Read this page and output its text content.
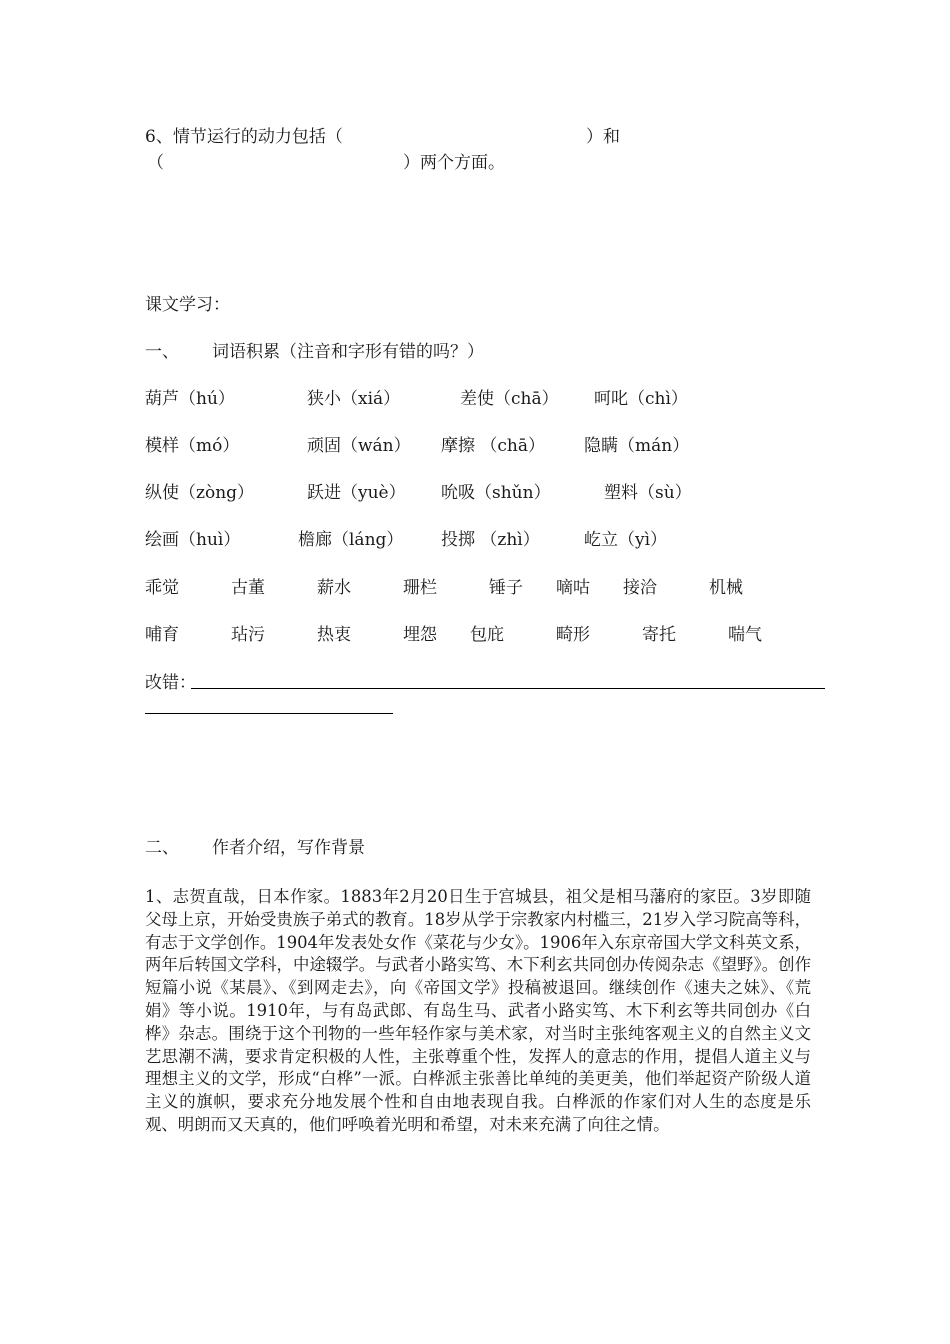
6、情节运行的动力包括（	）和
（	）两个方面。
课文学习：
一、 词语积累（注音和字形有错的吗？）
葫芦（hú）	狭小（xiá）	差使（chā） 呵叱（chì）
模样（mó）	顽固（wán） 摩擦 （chā） 隐瞒（mán）
纵使（zòng）	跃进（yuè） 吮吸（shǔn）	塑料（sù）
绘画（huì）	檐廊（láng） 投掷 （zhì）	屹立（yì）
乖觉	古董	薪水	珊栏	锤子 嘀咕 接洽	机械
哺育	玷污	热衷	埋怨 包庇	畸形	寄托	喘气
改错：
二、 作者介绍，写作背景
1、志贺直哉，日本作家。1883年2月20日生于宫城县，祖父是相马藩府的家臣。3岁即随父母上京，开始受贵族子弟式的教育。18岁从学于宗教家内村槛三，21岁入学习院高等科，有志于文学创作。1904年发表处女作《菜花与少女》。1906年入东京帝国大学文科英文系，两年后转国文学科，中途辍学。与武者小路实笃、木下利玄共同创办传阅杂志《望野》。创作短篇小说《某晨》、《到网走去》，向《帝国文学》投稿被退回。继续创作《速夫之妹》、《荒娟》等小说。1910年，与有岛武郎、有岛生马、武者小路实笃、木下利玄等共同创办《白桦》杂志。围绕于这个刊物的一些年轻作家与美术家，对当时主张纯客观主义的自然主义文艺思潮不满，要求肯定积极的人性，主张尊重个性，发挥人的意志的作用，提倡人道主义与理想主义的文学，形成“白桦”一派。白桦派主张善比单纯的美更美，他们举起资产阶级人道主义的旗帜，要求充分地发展个性和自由地表现自我。白桦派的作家们对人生的态度是乐观、明朗而又天真的，他们呼唤着光明和希望，对未来充满了向往之情。
